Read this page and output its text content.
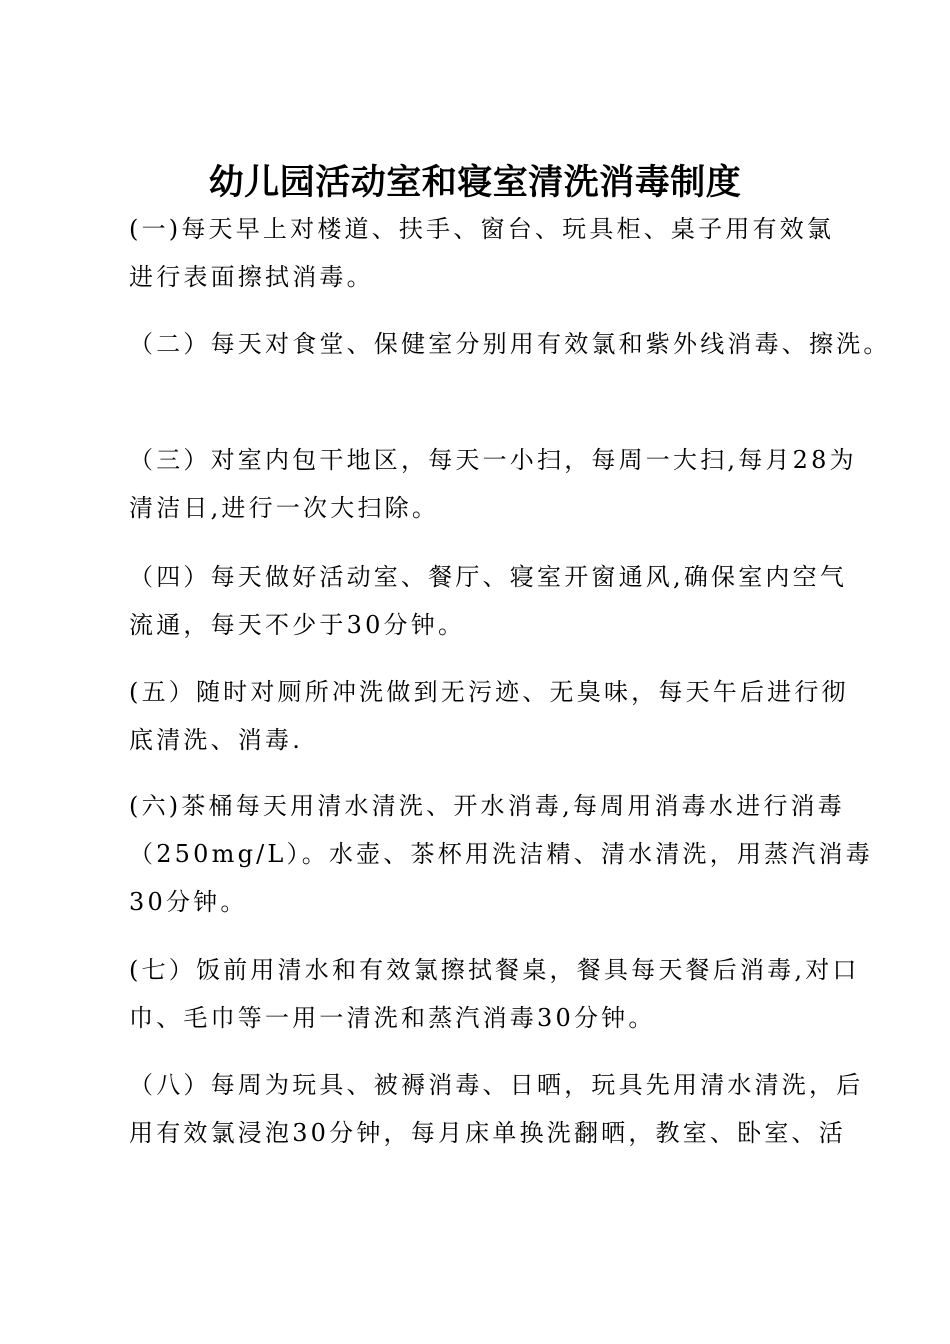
幼儿园活动室和寝室清洗消毒制度

(一)每天早上对楼道、扶手、窗台、玩具柜、桌子用有效氯
进行表面擦拭消毒。

（二）每天对食堂、保健室分别用有效氯和紫外线消毒、擦洗。

（三）对室内包干地区，每天一小扫，每周一大扫,每月28为
清洁日,进行一次大扫除。

（四）每天做好活动室、餐厅、寝室开窗通风,确保室内空气
流通，每天不少于30分钟。

(五）随时对厕所冲洗做到无污迹、无臭味，每天午后进行彻
底清洗、消毒.

(六)茶桶每天用清水清洗、开水消毒,每周用消毒水进行消毒
（250mg/L）。水壶、茶杯用洗洁精、清水清洗，用蒸汽消毒
30分钟。

(七）饭前用清水和有效氯擦拭餐桌，餐具每天餐后消毒,对口
巾、毛巾等一用一清洗和蒸汽消毒30分钟。

（八）每周为玩具、被褥消毒、日晒，玩具先用清水清洗，后
用有效氯浸泡30分钟，每月床单换洗翻晒，教室、卧室、活
